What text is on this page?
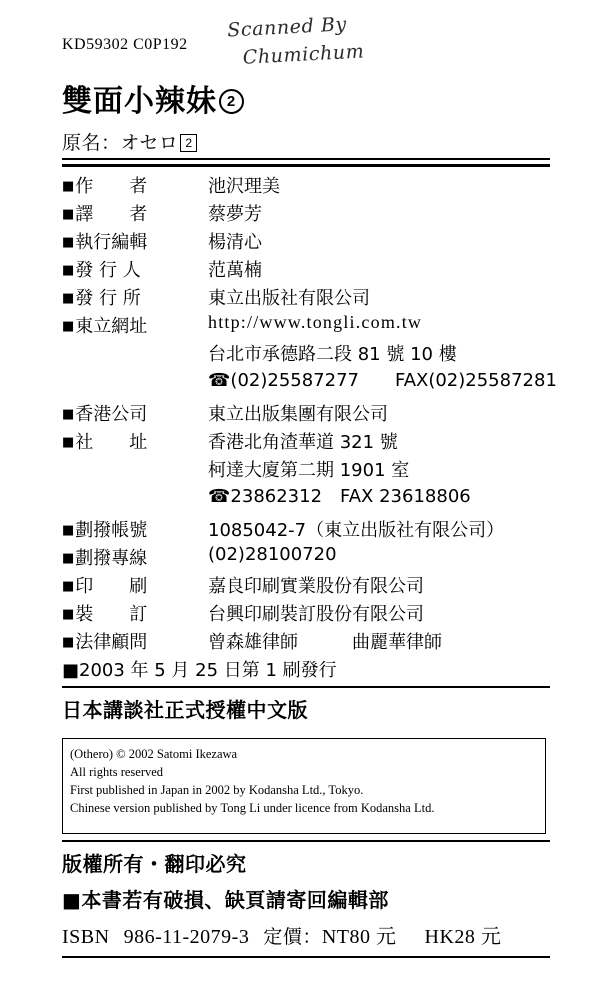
KD59302 C0P192
Scanned By
Chumichum
雙面小辣妹 2
原名：オセロ 2
■作　　者	池沢理美
■譯　　者	蔡夢芳
■執行編輯	楊清心
■發 行 人	范萬楠
■發 行 所	東立出版社有限公司
■東立網址	http://www.tongli.com.tw
台北市承德路二段 81 號 10 樓
☎(02)25587277　　FAX(02)25587281
■香港公司	東立出版集團有限公司
■社　　址	香港北角渣華道 321 號
柯達大廈第二期 1901 室
☎23862312　FAX 23618806
■劃撥帳號	1085042-7（東立出版社有限公司）
■劃撥專線	(02)28100720
■印　　刷	嘉良印刷實業股份有限公司
■裝　　訂	台興印刷裝訂股份有限公司
■法律顧問	曾森雄律師　　　曲麗華律師
■2003 年 5 月 25 日第 1 刷發行
日本講談社正式授權中文版
(Othero) © 2002 Satomi Ikezawa
All rights reserved
First published in Japan in 2002 by Kodansha Ltd., Tokyo.
Chinese version published by Tong Li under licence from Kodansha Ltd.
版權所有・翻印必究
■本書若有破損、缺頁請寄回編輯部
ISBN 986-11-2079-3 定價：NT80 元 HK28 元
